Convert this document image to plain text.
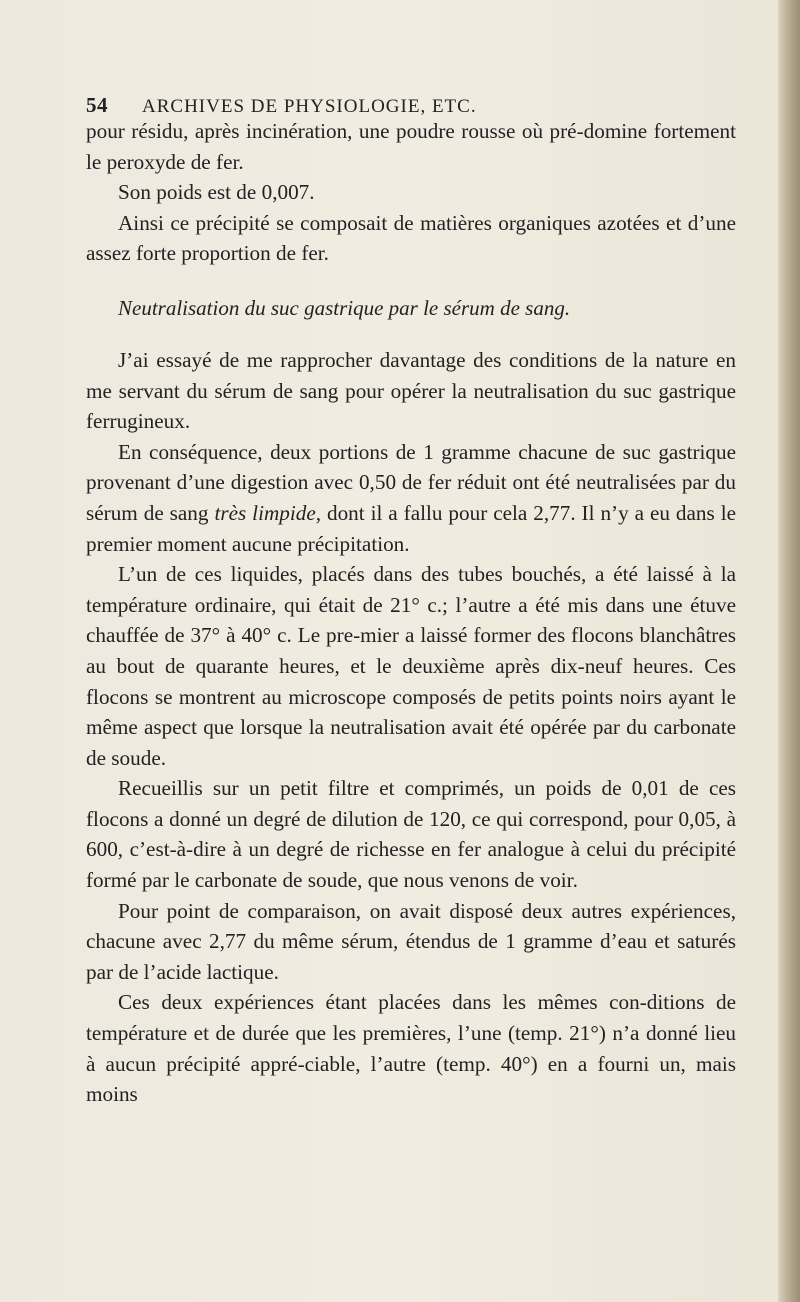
54 ARCHIVES DE PHYSIOLOGIE, ETC.

pour résidu, après incinération, une poudre rousse où pré-domine fortement le peroxyde de fer.

Son poids est de 0,007.

Ainsi ce précipité se composait de matières organiques azotées et d’une assez forte proportion de fer.

Neutralisation du suc gastrique par le sérum de sang.

J’ai essayé de me rapprocher davantage des conditions de la nature en me servant du sérum de sang pour opérer la neutralisation du suc gastrique ferrugineux.

En conséquence, deux portions de 1 gramme chacune de suc gastrique provenant d’une digestion avec 0,50 de fer réduit ont été neutralisées par du sérum de sang très limpide, dont il a fallu pour cela 2,77. Il n’y a eu dans le premier moment aucune précipitation.

L’un de ces liquides, placés dans des tubes bouchés, a été laissé à la température ordinaire, qui était de 21° c.; l’autre a été mis dans une étuve chauffée de 37° à 40° c. Le pre-mier a laissé former des flocons blanchâtres au bout de quarante heures, et le deuxième après dix-neuf heures. Ces flocons se montrent au microscope composés de petits points noirs ayant le même aspect que lorsque la neutralisation avait été opérée par du carbonate de soude.

Recueillis sur un petit filtre et comprimés, un poids de 0,01 de ces flocons a donné un degré de dilution de 120, ce qui correspond, pour 0,05, à 600, c’est-à-dire à un degré de richesse en fer analogue à celui du précipité formé par le carbonate de soude, que nous venons de voir.

Pour point de comparaison, on avait disposé deux autres expériences, chacune avec 2,77 du même sérum, étendus de 1 gramme d’eau et saturés par de l’acide lactique.

Ces deux expériences étant placées dans les mêmes con-ditions de température et de durée que les premières, l’une (temp. 21°) n’a donné lieu à aucun précipité appré-ciable, l’autre (temp. 40°) en a fourni un, mais moins
